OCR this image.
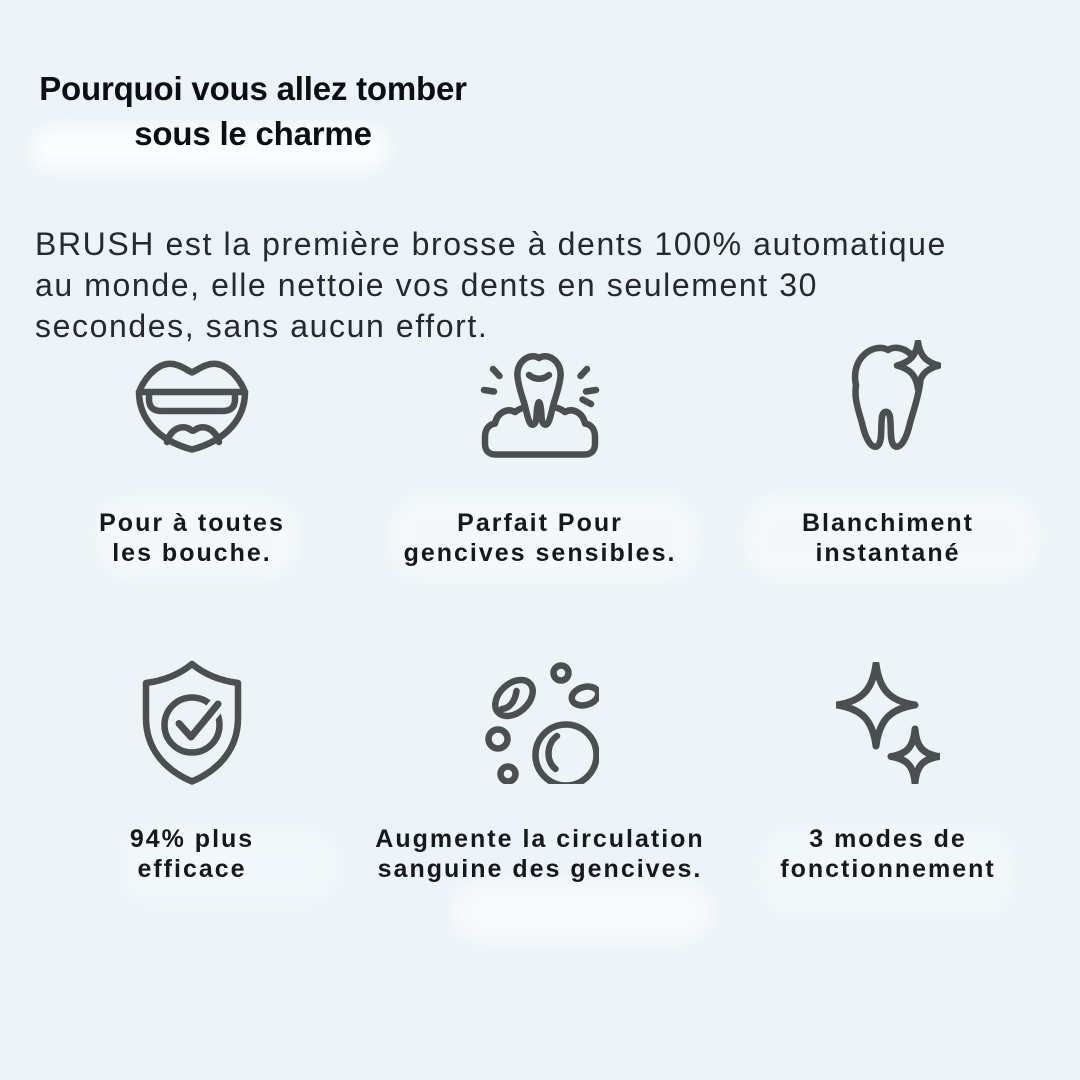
Pourquoi vous allez tomber
sous le charme

BRUSH est la première brosse à dents 100% automatique
au monde, elle nettoie vos dents en seulement 30
secondes, sans aucun effort.

Pour à toutes
les bouche.
Parfait Pour
gencives sensibles.
Blanchiment
instantané
94% plus
efficace
Augmente la circulation
sanguine des gencives.
3 modes de
fonctionnement
